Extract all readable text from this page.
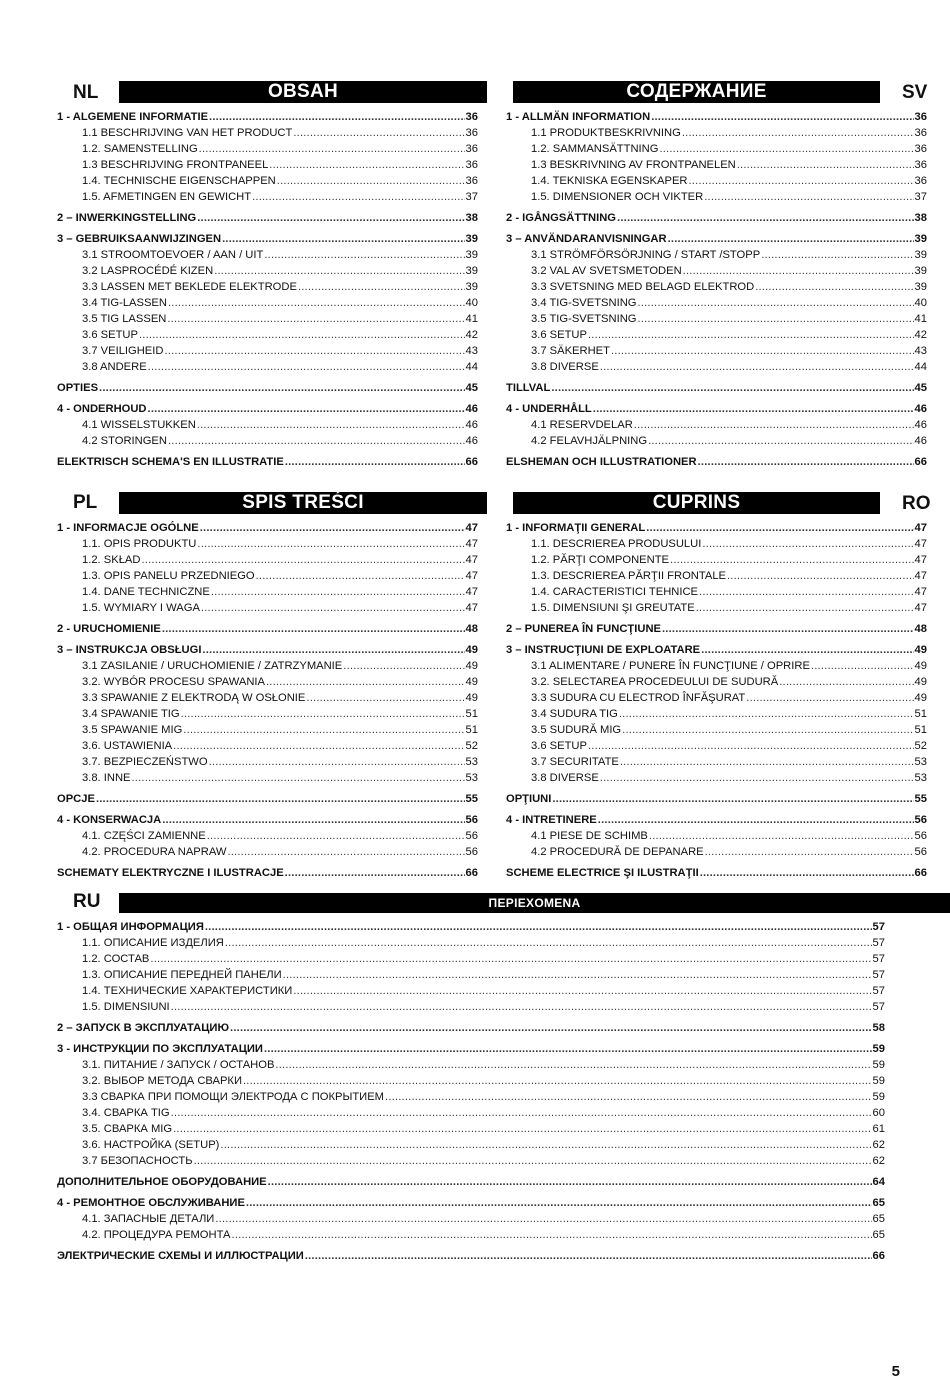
NL	OBSAH
1 - ALGEMENE INFORMATIE .....	36
1.1 BESCHRIJVING VAN HET PRODUCT .....	36
1.2. SAMENSTELLING .....	36
1.3 BESCHRIJVING FRONTPANEEL .....	36
1.4. TECHNISCHE EIGENSCHAPPEN .....	36
1.5. AFMETINGEN EN GEWICHT .....	37
2 – INWERKINGSTELLING .....	38
3 – GEBRUIKSAANWIJZINGEN .....	39
3.1 STROOMTOEVOER / AAN / UIT .....	39
3.2 LASPROCÉDÉ KIZEN .....	39
3.3 LASSEN MET BEKLEDE ELEKTRODE .....	39
3.4 TIG-LASSEN .....	40
3.5 TIG LASSEN .....	41
3.6 SETUP .....	42
3.7 VEILIGHEID .....	43
3.8 ANDERE .....	44
OPTIES .....	45
4 - ONDERHOUD .....	46
4.1 WISSELSTUKKEN .....	46
4.2 STORINGEN .....	46
ELEKTRISCH SCHEMA'S EN ILLUSTRATIE .....	66
СОДЕРЖАНИЕ	SV
1 - ALLMÄN INFORMATION .....	36
1.1 PRODUKTBESKRIVNING .....	36
1.2. SAMMANSÄTTNING .....	36
1.3 BESKRIVNING AV FRONTPANELEN .....	36
1.4. TEKNISKA EGENSKAPER .....	36
1.5. DIMENSIONER OCH VIKTER .....	37
2 - IGÅNGSÄTTNING .....	38
3 – ANVÄNDARANVISNINGAR .....	39
3.1 STRÖMFÖRSÖRJNING / START /STOPP .....	39
3.2 VAL AV SVETSMETODEN .....	39
3.3 SVETSNING MED BELAGD ELEKTROD .....	39
3.4 TIG-SVETSNING .....	40
3.5 TIG-SVETSNING .....	41
3.6 SETUP .....	42
3.7 SÄKERHET .....	43
3.8 DIVERSE .....	44
TILLVAL .....	45
4 - UNDERHÅLL .....	46
4.1 RESERVDELAR .....	46
4.2 FELAVHJÄLPNING .....	46
ELSHEMAN OCH ILLUSTRATIONER .....	66
PL	SPIS TREŚCI
1 - INFORMACJE OGÓLNE .....	47
1.1. OPIS PRODUKTU .....	47
1.2. SKŁAD .....	47
1.3. OPIS PANELU PRZEDNIEGO .....	47
1.4. DANE TECHNICZNE .....	47
1.5. WYMIARY I WAGA .....	47
2 - URUCHOMIENIE .....	48
3 – INSTRUKCJA OBSŁUGI .....	49
3.1 ZASILANIE / URUCHOMIENIE / ZATRZYMANIE .....	49
3.2. WYBÓR PROCESU SPAWANIA .....	49
3.3 SPAWANIE Z ELEKTRODĄ W OSŁONIE .....	49
3.4 SPAWANIE TIG .....	51
3.5 SPAWANIE MIG .....	51
3.6. USTAWIENIA .....	52
3.7. BEZPIECZEŃSTWO .....	53
3.8. INNE .....	53
OPCJE .....	55
4 - KONSERWACJA .....	56
4.1. CZĘŚCI ZAMIENNE .....	56
4.2. PROCEDURA NAPRAW .....	56
SCHEMATY ELEKTRYCZNE I ILUSTRACJE .....	66
CUPRINS	RO
1 - INFORMAŢII GENERAL .....	47
1.1. DESCRIEREA PRODUSULUI .....	47
1.2. PĂRŢI COMPONENTE .....	47
1.3. DESCRIEREA PĂRŢII FRONTALE .....	47
1.4. CARACTERISTICI TEHNICE .....	47
1.5. DIMENSIUNI ŞI GREUTATE .....	47
2 – PUNEREA ÎN FUNCŢIUNE .....	48
3 – INSTRUCŢIUNI DE EXPLOATARE .....	49
3.1 ALIMENTARE / PUNERE ÎN FUNCŢIUNE / OPRIRE .....	49
3.2. SELECTAREA PROCEDEULUI DE SUDURĂ .....	49
3.3 SUDURA CU ELECTROD ÎNFĂŞURAT .....	49
3.4 SUDURA TIG .....	51
3.5 SUDURĂ MIG .....	51
3.6 SETUP .....	52
3.7 SECURITATE .....	53
3.8 DIVERSE .....	53
OPŢIUNI .....	55
4 - INTRETINERE .....	56
4.1 PIESE DE SCHIMB .....	56
4.2 PROCEDURĂ DE DEPANARE .....	56
SCHEME ELECTRICE ŞI ILUSTRAŢII .....	66
RU	ΠΕΡΙΕΧΟΜΕΝΑ
1 - ОБЩАЯ ИНФОРМАЦИЯ .....	57
1.1. ОПИСАНИЕ ИЗДЕЛИЯ .....	57
1.2. СОСТАВ .....	57
1.3. ОПИСАНИЕ ПЕРЕДНЕЙ ПАНЕЛИ .....	57
1.4. ТЕХНИЧЕСКИЕ ХАРАКТЕРИСТИКИ .....	57
1.5. DIMENSIUNI .....	57
2 – ЗАПУСК В ЭКСПЛУАТАЦИЮ .....	58
3 - ИНСТРУКЦИИ ПО ЭКСПЛУАТАЦИИ .....	59
3.1. ПИТАНИЕ / ЗАПУСК / ОСТАНОВ .....	59
3.2. ВЫБОР МЕТОДА СВАРКИ .....	59
3.3 СВАРКА ПРИ ПОМОЩИ ЭЛЕКТРОДА С ПОКРЫТИЕМ .....	59
3.4. СВАРКА TIG .....	60
3.5. СВАРКА MIG .....	61
3.6. НАСТРОЙКА (SETUP) .....	62
3.7 БЕЗОПАСНОСТЬ .....	62
ДОПОЛНИТЕЛЬНОЕ ОБОРУДОВАНИЕ .....	64
4 - РЕМОНТНОЕ ОБСЛУЖИВАНИЕ .....	65
4.1. ЗАПАСНЫЕ ДЕТАЛИ .....	65
4.2. ПРОЦЕДУРА РЕМОНТА .....	65
ЭЛЕКТРИЧЕСКИЕ СХЕМЫ И ИЛЛЮСТРАЦИИ .....	66
5
